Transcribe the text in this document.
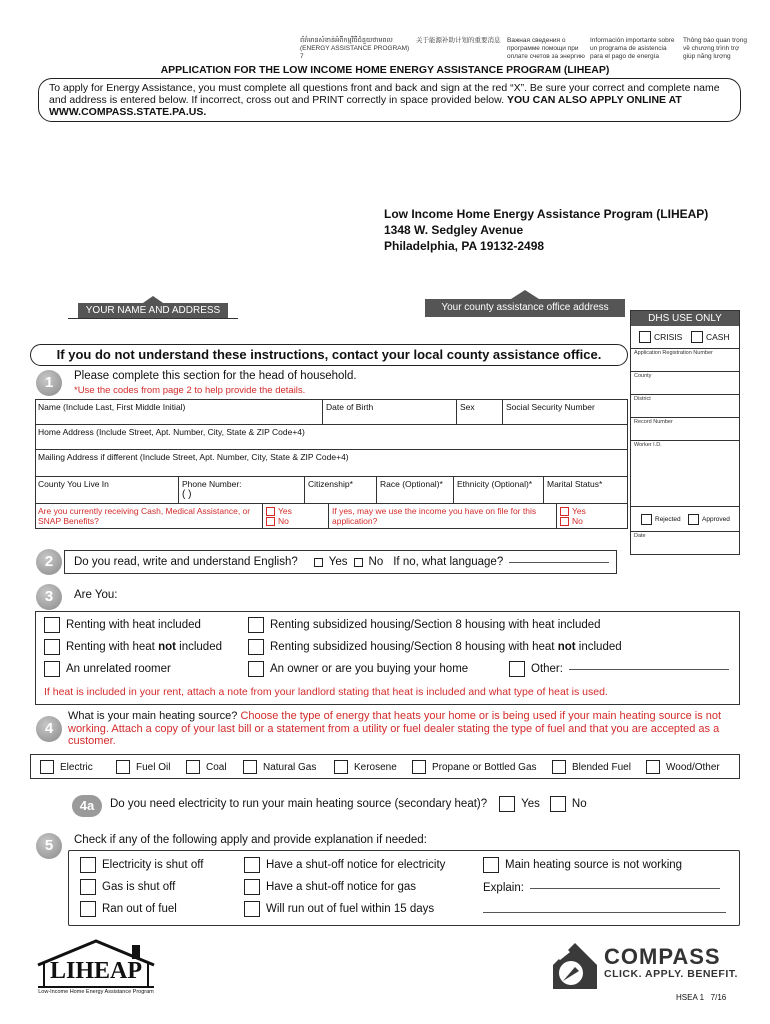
ព័ត៌មានសំខាន់អំពីកម្មវិធីជំនួយថាមពល
(ENERGY ASSISTANCE PROGRAM) 7
关于能源补助计划的重要消息 Важная сведения о
программе помощи при
оплате счетов за энергию
Información importante sobre
un programa de asistencia
para el pago de energía
Thông báo quan trọng
về chương trình trợ
giúp năng lượng
APPLICATION FOR THE LOW INCOME HOME ENERGY ASSISTANCE PROGRAM (LIHEAP)
To apply for Energy Assistance, you must complete all questions front and back and sign at the red “X”. Be sure your correct and complete name and address is entered below. If incorrect, cross out and PRINT correctly in space provided below. YOU CAN ALSO APPLY ONLINE AT WWW.COMPASS.STATE.PA.US.
Low Income Home Energy Assistance Program (LIHEAP)
1348 W. Sedgley Avenue
Philadelphia, PA 19132-2498
YOUR NAME AND ADDRESS	Your county assistance office address
DHS USE ONLY
CRISIS	CASH
Application Registration Number
County
District
Record Number
Worker I.D.
Rejected	Approved
Date
If you do not understand these instructions, contact your local county assistance office.
1	Please complete this section for the head of household.
*Use the codes from page 2 to help provide the details.
Name (Include Last, First Middle Initial)	Date of Birth	Sex	Social Security Number
Home Address (Include Street, Apt. Number, City, State & ZIP Code+4)
Mailing Address if different (Include Street, Apt. Number, City, State & ZIP Code+4)
County You Live In	Phone Number:
( )
Citizenship*	Race (Optional)*	Ethnicity (Optional)*	Marital Status*
Are you currently receiving Cash, Medical Assistance, or SNAP Benefits?
Yes
No
If yes, may we use the income you have on file for this application?
Yes
No
2	Do you read, write and understand English?	Yes No If no, what language?
3	Are You:
Renting with heat included	Renting subsidized housing/Section 8 housing with heat included
Renting with heat not included	Renting subsidized housing/Section 8 housing with heat not included
An unrelated roomer	An owner or are you buying your home	Other:
If heat is included in your rent, attach a note from your landlord stating that heat is included and what type of heat is used.
4
What is your main heating source? Choose the type of energy that heats your home or is being used if your main heating source is not working. Attach a copy of your last bill or a statement from a utility or fuel dealer stating the type of fuel and that you are accepted as a customer.
Electric	Fuel Oil	Coal	Natural Gas	Kerosene	Propane or Bottled Gas	Blended Fuel	Wood/Other
4a	Do you need electricity to run your main heating source (secondary heat)?	Yes	No
5	Check if any of the following apply and provide explanation if needed:
Electricity is shut off	Have a shut-off notice for electricity	Main heating source is not working
Gas is shut off	Have a shut-off notice for gas	Explain:
Ran out of fuel	Will run out of fuel within 15 days
LIHEAP
Low-Income Home Energy Assistance Program
COMPASS
CLICK. APPLY. BENEFIT.
HSEA 1   7/16
